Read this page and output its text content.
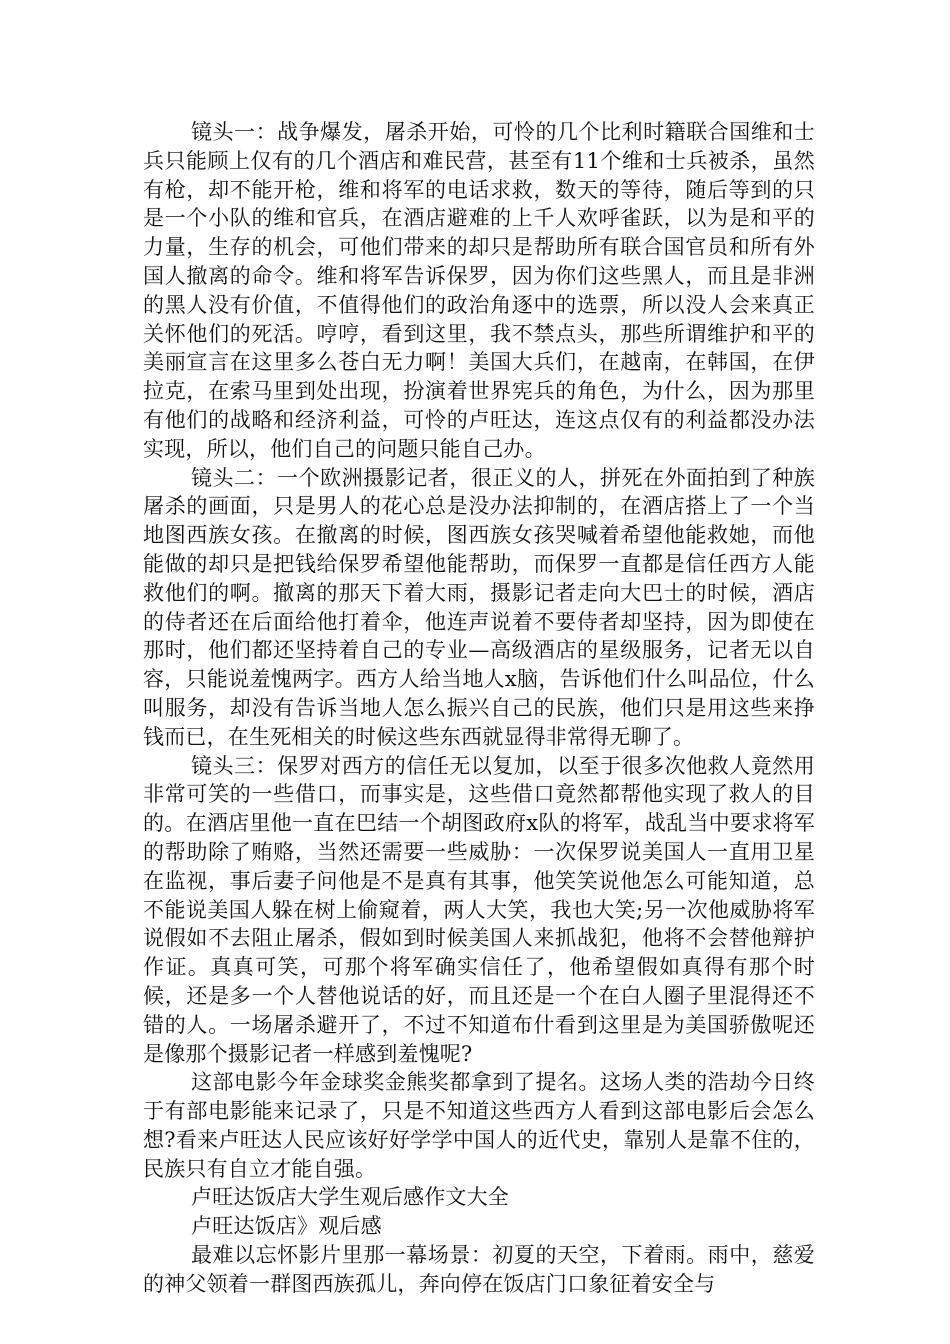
镜头一：战争爆发，屠杀开始，可怜的几个比利时籍联合国维和士兵只能顾上仅有的几个酒店和难民营，甚至有11个维和士兵被杀，虽然有枪，却不能开枪，维和将军的电话求救，数天的等待，随后等到的只是一个小队的维和官兵，在酒店避难的上千人欢呼雀跃，以为是和平的力量，生存的机会，可他们带来的却只是帮助所有联合国官员和所有外国人撤离的命令。维和将军告诉保罗，因为你们这些黑人，而且是非洲的黑人没有价值，不值得他们的政治角逐中的选票，所以没人会来真正关怀他们的死活。哼哼，看到这里，我不禁点头，那些所谓维护和平的美丽宣言在这里多么苍白无力啊！美国大兵们，在越南，在韩国，在伊拉克，在索马里到处出现，扮演着世界宪兵的角色，为什么，因为那里有他们的战略和经济利益，可怜的卢旺达，连这点仅有的利益都没办法实现，所以，他们自己的问题只能自己办。

镜头二：一个欧洲摄影记者，很正义的人，拼死在外面拍到了种族屠杀的画面，只是男人的花心总是没办法抑制的，在酒店搭上了一个当地图西族女孩。在撤离的时候，图西族女孩哭喊着希望他能救她，而他能做的却只是把钱给保罗希望他能帮助，而保罗一直都是信任西方人能救他们的啊。撤离的那天下着大雨，摄影记者走向大巴士的时候，酒店的侍者还在后面给他打着伞，他连声说着不要侍者却坚持，因为即使在那时，他们都还坚持着自己的专业—高级酒店的星级服务，记者无以自容，只能说羞愧两字。西方人给当地人x脑，告诉他们什么叫品位，什么叫服务，却没有告诉当地人怎么振兴自己的民族，他们只是用这些来挣钱而已，在生死相关的时候这些东西就显得非常得无聊了。

镜头三：保罗对西方的信任无以复加，以至于很多次他救人竟然用非常可笑的一些借口，而事实是，这些借口竟然都帮他实现了救人的目的。在酒店里他一直在巴结一个胡图政府x队的将军，战乱当中要求将军的帮助除了贿赂，当然还需要一些威胁：一次保罗说美国人一直用卫星在监视，事后妻子问他是不是真有其事，他笑笑说他怎么可能知道，总不能说美国人躲在树上偷窥着，两人大笑，我也大笑;另一次他威胁将军说假如不去阻止屠杀，假如到时候美国人来抓战犯，他将不会替他辩护作证。真真可笑，可那个将军确实信任了，他希望假如真得有那个时候，还是多一个人替他说话的好，而且还是一个在白人圈子里混得还不错的人。一场屠杀避开了，不过不知道布什看到这里是为美国骄傲呢还是像那个摄影记者一样感到羞愧呢?

这部电影今年金球奖金熊奖都拿到了提名。这场人类的浩劫今日终于有部电影能来记录了，只是不知道这些西方人看到这部电影后会怎么想?看来卢旺达人民应该好好学学中国人的近代史，靠别人是靠不住的，民族只有自立才能自强。

卢旺达饭店大学生观后感作文大全

卢旺达饭店》观后感

最难以忘怀影片里那一幕场景：初夏的天空，下着雨。雨中，慈爱的神父领着一群图西族孤儿，奔向停在饭店门口象征着安全与
